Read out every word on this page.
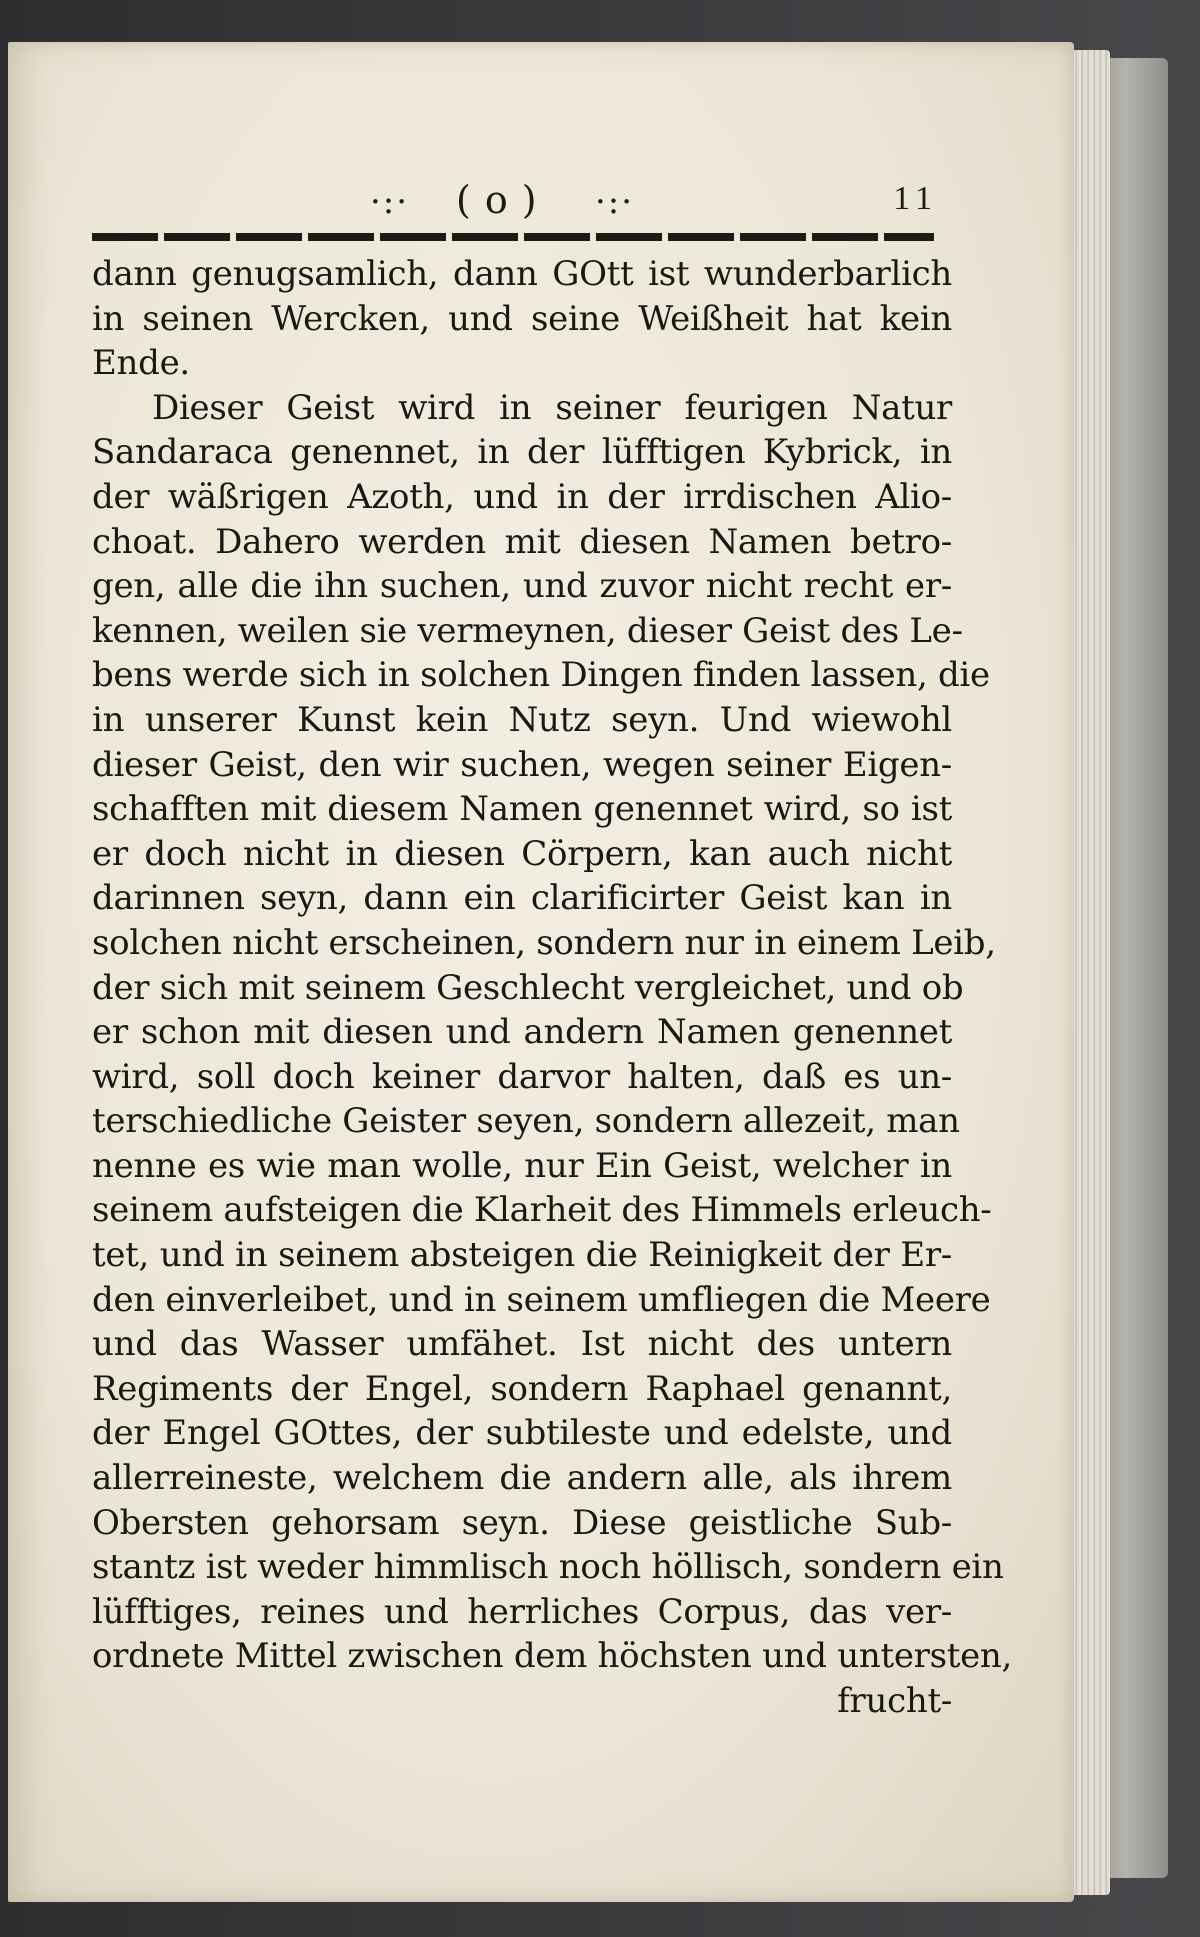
·:· (o) ·:·	11
dann genugsamlich, dann GOtt ist wunderbarlich
in seinen Wercken, und seine Weißheit hat kein
Ende.
Dieser Geist wird in seiner feurigen Natur
Sandaraca genennet, in der lüfftigen Kybrick, in
der wäßrigen Azoth, und in der irrdischen Alio-
choat. Dahero werden mit diesen Namen betro-
gen, alle die ihn suchen, und zuvor nicht recht er-
kennen, weilen sie vermeynen, dieser Geist des Le-
bens werde sich in solchen Dingen finden lassen, die
in unserer Kunst kein Nutz seyn. Und wiewohl
dieser Geist, den wir suchen, wegen seiner Eigen-
schafften mit diesem Namen genennet wird, so ist
er doch nicht in diesen Cörpern, kan auch nicht
darinnen seyn, dann ein clarificirter Geist kan in
solchen nicht erscheinen, sondern nur in einem Leib,
der sich mit seinem Geschlecht vergleichet, und ob
er schon mit diesen und andern Namen genennet
wird, soll doch keiner darvor halten, daß es un-
terschiedliche Geister seyen, sondern allezeit, man
nenne es wie man wolle, nur Ein Geist, welcher in
seinem aufsteigen die Klarheit des Himmels erleuch-
tet, und in seinem absteigen die Reinigkeit der Er-
den einverleibet, und in seinem umfliegen die Meere
und das Wasser umfähet. Ist nicht des untern
Regiments der Engel, sondern Raphael genannt,
der Engel GOttes, der subtileste und edelste, und
allerreineste, welchem die andern alle, als ihrem
Obersten gehorsam seyn. Diese geistliche Sub-
stantz ist weder himmlisch noch höllisch, sondern ein
lüfftiges, reines und herrliches Corpus, das ver-
ordnete Mittel zwischen dem höchsten und untersten,
frucht-
